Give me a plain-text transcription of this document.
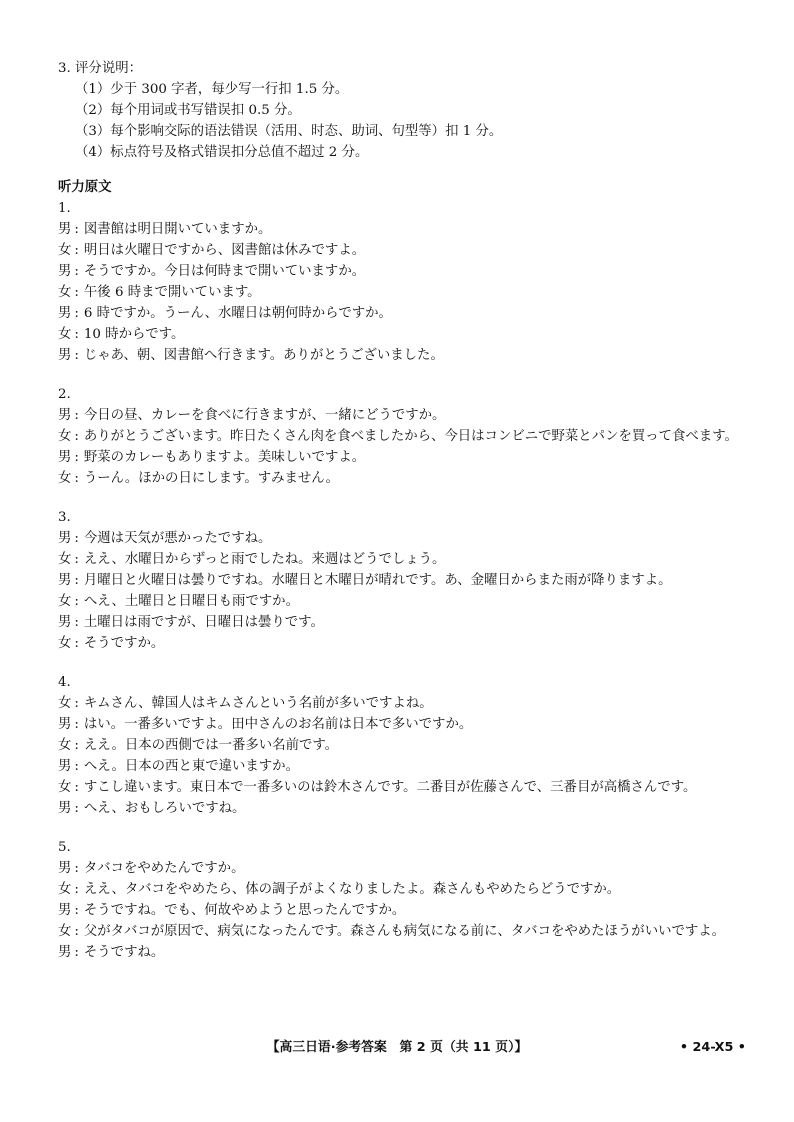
3. 评分说明：
（1）少于 300 字者，每少写一行扣 1.5 分。
（2）每个用词或书写错误扣 0.5 分。
（3）每个影响交际的语法错误（活用、时态、助词、句型等）扣 1 分。
（4）标点符号及格式错误扣分总值不超过 2 分。
听力原文
1.
男 : 図書館は明日開いていますか。
女 : 明日は火曜日ですから、図書館は休みですよ。
男 : そうですか。今日は何時まで開いていますか。
女 : 午後 6 時まで開いています。
男 : 6 時ですか。うーん、水曜日は朝何時からですか。
女 : 10 時からです。
男 : じゃあ、朝、図書館へ行きます。ありがとうございました。
2.
男 : 今日の昼、カレーを食べに行きますが、一緒にどうですか。
女 : ありがとうございます。昨日たくさん肉を食べましたから、今日はコンビニで野菜とパンを買って食べます。
男 : 野菜のカレーもありますよ。美味しいですよ。
女 : うーん。ほかの日にします。すみません。
3.
男 : 今週は天気が悪かったですね。
女 : ええ、水曜日からずっと雨でしたね。来週はどうでしょう。
男 : 月曜日と火曜日は曇りですね。水曜日と木曜日が晴れです。あ、金曜日からまた雨が降りますよ。
女 : へえ、土曜日と日曜日も雨ですか。
男 : 土曜日は雨ですが、日曜日は曇りです。
女 : そうですか。
4.
女 : キムさん、韓国人はキムさんという名前が多いですよね。
男 : はい。一番多いですよ。田中さんのお名前は日本で多いですか。
女 : ええ。日本の西側では一番多い名前です。
男 : へえ。日本の西と東で違いますか。
女 : すこし違います。東日本で一番多いのは鈴木さんです。二番目が佐藤さんで、三番目が高橋さんです。
男 : へえ、おもしろいですね。
5.
男 : タバコをやめたんですか。
女 : ええ、タバコをやめたら、体の調子がよくなりましたよ。森さんもやめたらどうですか。
男 : そうですね。でも、何故やめようと思ったんですか。
女 : 父がタバコが原因で、病気になったんです。森さんも病気になる前に、タバコをやめたほうがいいですよ。
男 : そうですね。
【高三日语·参考答案　第 2 页（共 11 页）】	• 24-X5 •
